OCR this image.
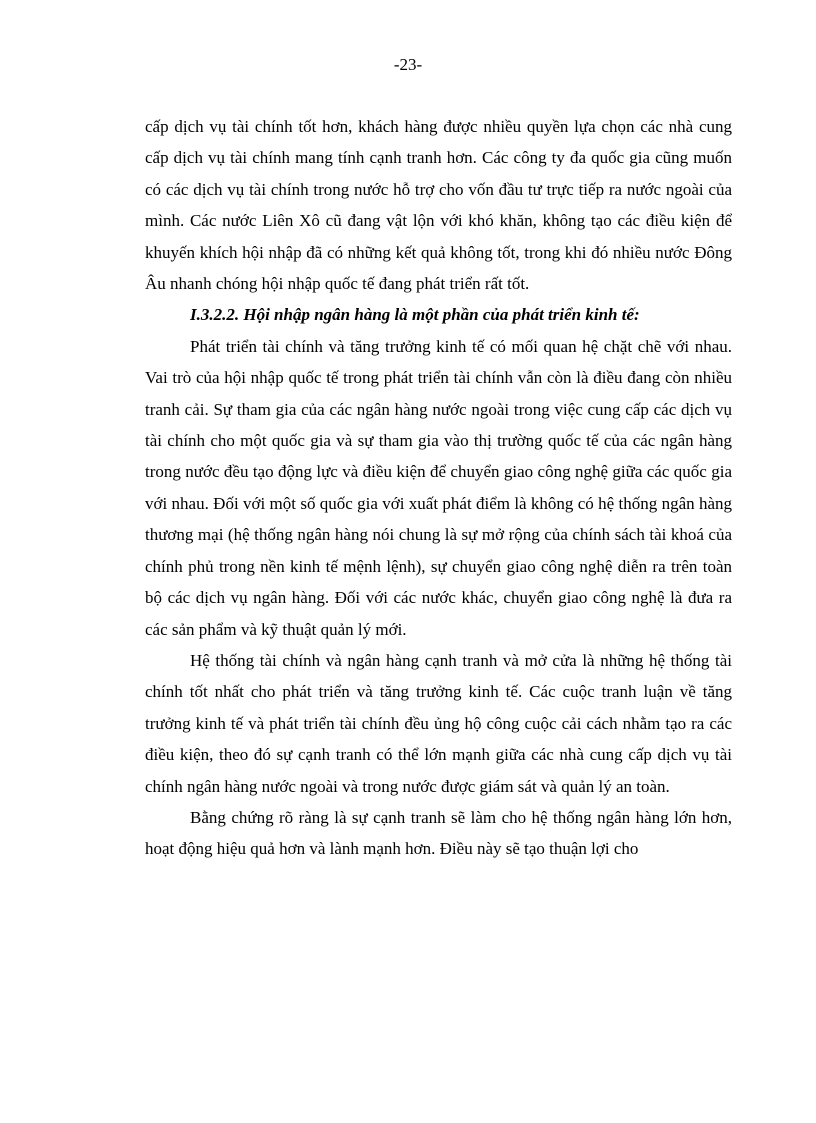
-23-

cấp dịch vụ tài chính tốt hơn, khách hàng được nhiều quyền lựa chọn các nhà cung cấp dịch vụ tài chính mang tính cạnh tranh hơn. Các công ty đa quốc gia cũng muốn có các dịch vụ tài chính trong nước hỗ trợ cho vốn đầu tư trực tiếp ra nước ngoài của mình. Các nước Liên Xô cũ đang vật lộn với khó khăn, không tạo các điều kiện để khuyến khích hội nhập đã có những kết quả không tốt, trong khi đó nhiều nước Đông Âu nhanh chóng hội nhập quốc tế đang phát triển rất tốt.

I.3.2.2. Hội nhập ngân hàng là một phần của phát triển kinh tế:

Phát triển tài chính và tăng trưởng kinh tế có mối quan hệ chặt chẽ với nhau. Vai trò của hội nhập quốc tế trong phát triển tài chính vẫn còn là điều đang còn nhiều tranh cải. Sự tham gia của các ngân hàng nước ngoài trong việc cung cấp các dịch vụ tài chính cho một quốc gia và sự tham gia vào thị trường quốc tế của các ngân hàng trong nước đều tạo động lực và điều kiện để chuyển giao công nghệ giữa các quốc gia với nhau. Đối với một số quốc gia với xuất phát điểm là không có hệ thống ngân hàng thương mại (hệ thống ngân hàng nói chung là sự mở rộng của chính sách tài khoá của chính phủ trong nền kinh tế mệnh lệnh), sự chuyển giao công nghệ diễn ra trên toàn bộ các dịch vụ ngân hàng. Đối với các nước khác, chuyển giao công nghệ là đưa ra các sản phẩm và kỹ thuật quản lý mới.

Hệ thống tài chính và ngân hàng cạnh tranh và mở cửa là những hệ thống tài chính tốt nhất cho phát triển và tăng trưởng kinh tế. Các cuộc tranh luận về tăng trưởng kinh tế và phát triển tài chính đều ủng hộ công cuộc cải cách nhằm tạo ra các điều kiện, theo đó sự cạnh tranh có thể lớn mạnh giữa các nhà cung cấp dịch vụ tài chính ngân hàng nước ngoài và trong nước được giám sát và quản lý an toàn.

Bằng chứng rõ ràng là sự cạnh tranh sẽ làm cho hệ thống ngân hàng lớn hơn, hoạt động hiệu quả hơn và lành mạnh hơn. Điều này sẽ tạo thuận lợi cho
